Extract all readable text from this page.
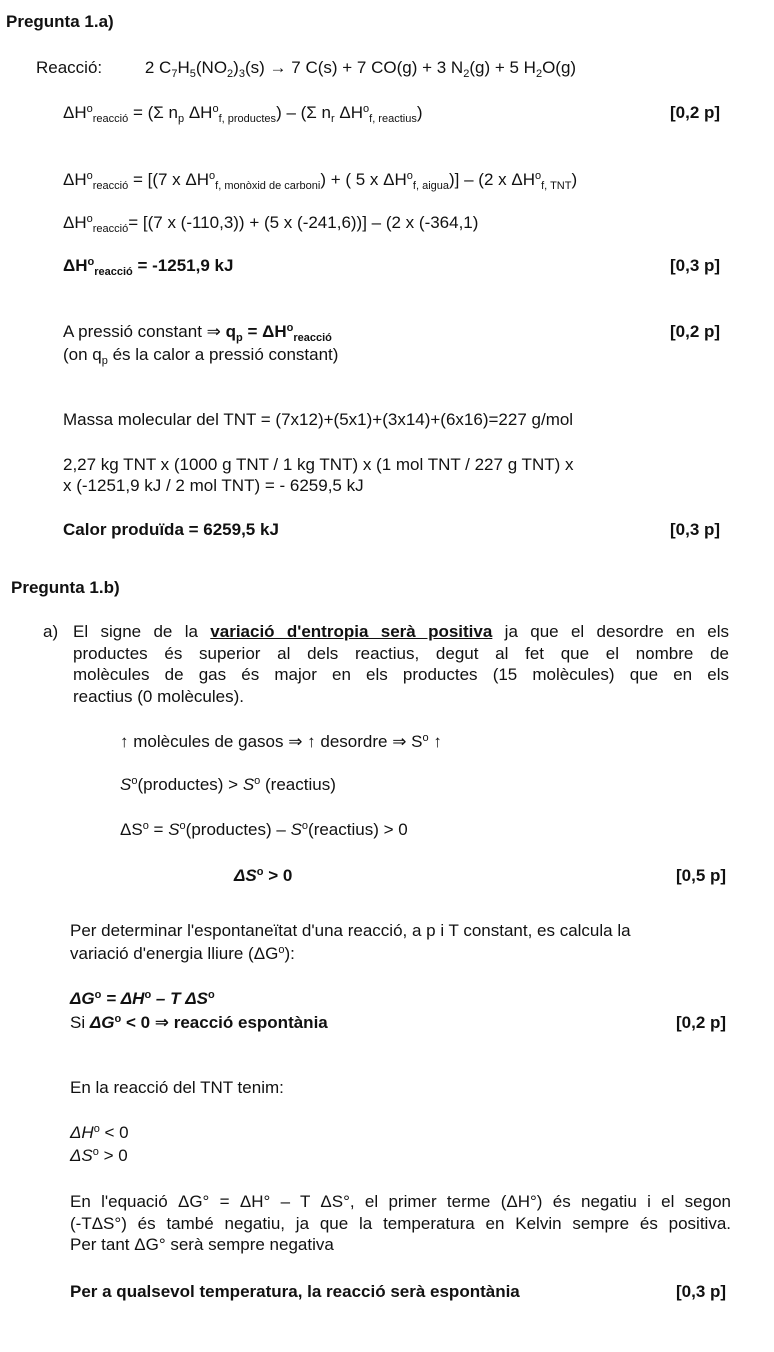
Pregunta 1.a)
Reacció:	2 $C_7H_5(NO_2)_3(s) \to 7$ C(s) + 7 CO(g) + 3 $N_2(g) + 5$ $H_2O(g)$
$\Delta H^o_{reacció} = (\Sigma$ $n_p$ $\Delta H^o_{f, productes}) - (\Sigma$ $n_r$ $\Delta H^o_{f, reactius}$)	[0,2 p]
$\Delta H^o_{reacció} = [(7$ x $\Delta H^o_{f, monòxid de carboni}$) + ( 5 x $\Delta H^o_{f, aigua})] - (2$ x $\Delta H^o_{f, TNT}$)
$\Delta H^o_{reacció}= [(7$ x (-110,3)) + (5 x (-241,6))] – (2 x (-364,1)
$\Delta H^o_{reacció} = -1251,9$ kJ	[0,3 p]
A pressió constant ⇒ $q_p = \Delta H^o_{reacció}$	[0,2 p]
(on $q_p$ és la calor a pressió constant)
Massa molecular del TNT = (7x12)+(5x1)+(3x14)+(6x16)=227 g/mol
2,27 kg TNT x (1000 g TNT / 1 kg TNT) x (1 mol TNT / 227 g TNT) x
x (-1251,9 kJ / 2 mol TNT) = - 6259,5 kJ
Calor produïda = 6259,5 kJ	[0,3 p]
Pregunta 1.b)
a) El signe de la variació d'entropia serà positiva ja que el desordre en els
productes és superior al dels reactius, degut al fet que el nombre de
molècules de gas és major en els productes (15 molècules) que en els
reactius (0 molècules).
↑ molècules de gasos ⇒ ↑ desordre ⇒ $S^o$ ↑
$S^o(productes) > S^o$ (reactius)
$\Delta S^o$ = $S^o(productes)$ – $S^o(reactius) > 0$
$\Delta S^o > 0$	[0,5 p]
Per determinar l'espontaneïtat d'una reacció, a p i T constant, es calcula la
variació d'energia lliure $(\Delta G^o)$:
$\Delta G^o = \Delta H^o - T$ $\Delta S^o$
Si $\Delta G^o < 0$ ⇒ reacció espontània	[0,2 p]
En la reacció del TNT tenim:
$\Delta H^o < 0$
$\Delta S^o > 0$
En l'equació ΔG° = ΔH° – T ΔS°, el primer terme (ΔH°) és negatiu i el segon
(-TΔS°) és també negatiu, ja que la temperatura en Kelvin sempre és positiva.
Per tant ΔG° serà sempre negativa
Per a qualsevol temperatura, la reacció serà espontània	[0,3 p]
